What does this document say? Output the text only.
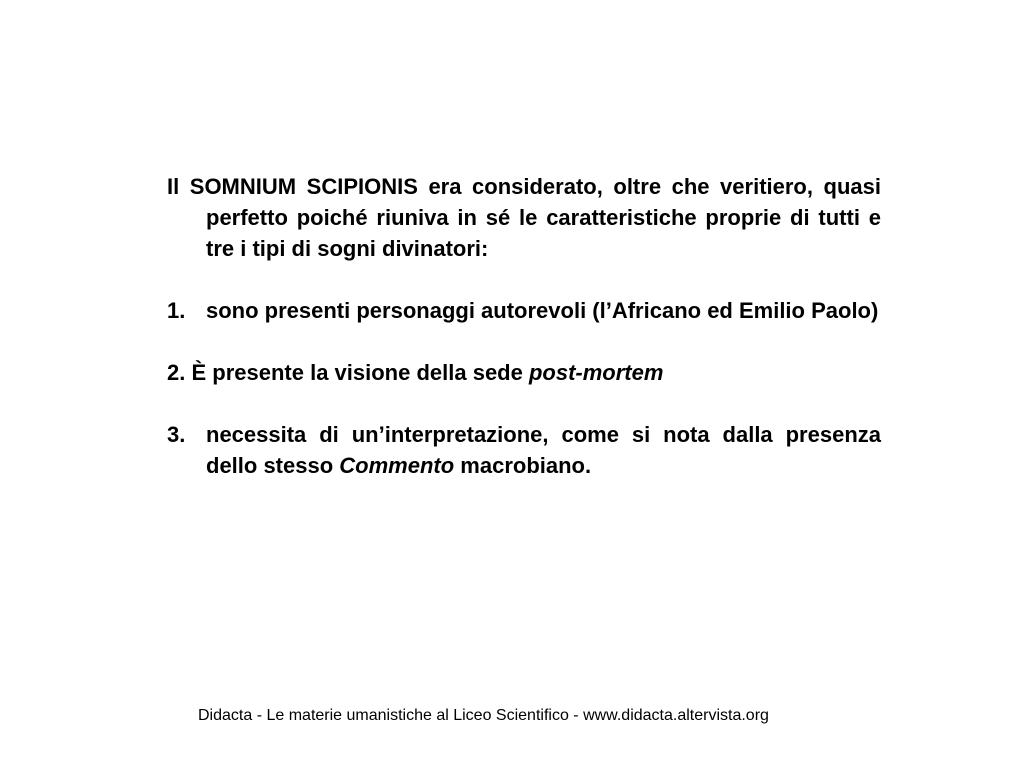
Il SOMNIUM SCIPIONIS era considerato, oltre che veritiero, quasi perfetto poiché riuniva in sé le caratteristiche proprie di tutti e tre i tipi di sogni divinatori:

1. sono presenti personaggi autorevoli (l’Africano ed Emilio Paolo)

2. È presente la visione della sede post-mortem

3. necessita di un’interpretazione, come si nota dalla presenza dello stesso Commento macrobiano.

Didacta - Le materie umanistiche al Liceo Scientifico - www.didacta.altervista.org
